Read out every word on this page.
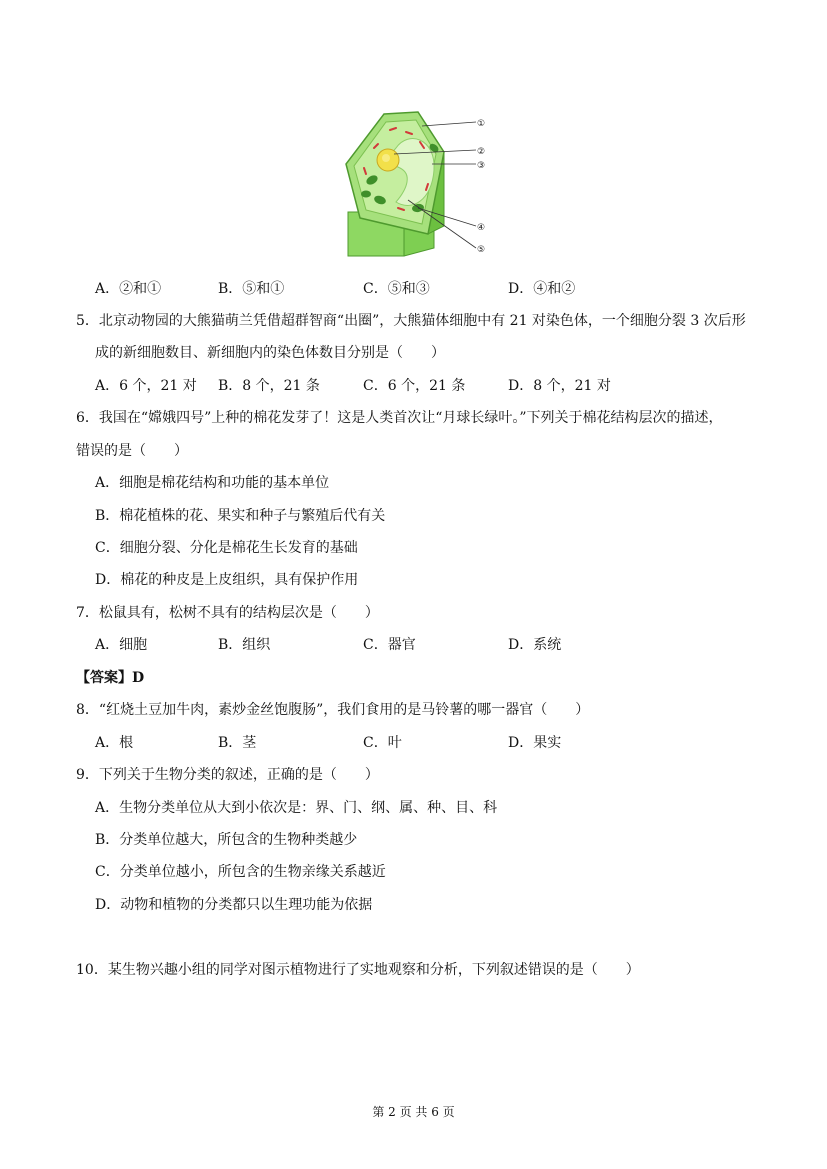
①
②
③
④
⑤
A．②和①	B．⑤和①	C．⑤和③	D．④和②
5．北京动物园的大熊猫萌兰凭借超群智商“出圈”，大熊猫体细胞中有 21 对染色体，一个细胞分裂 3 次后形
成的新细胞数目、新细胞内的染色体数目分别是（　　）
A．6 个，21 对 B．8 个，21 条	C．6 个，21 条	D．8 个，21 对
6．我国在“嫦娥四号”上种的棉花发芽了！这是人类首次让“月球长绿叶。”下列关于棉花结构层次的描述，
错误的是（　　）
A．细胞是棉花结构和功能的基本单位
B．棉花植株的花、果实和种子与繁殖后代有关
C．细胞分裂、分化是棉花生长发育的基础
D．棉花的种皮是上皮组织，具有保护作用
7．松鼠具有，松树不具有的结构层次是（　　）
A．细胞	B．组织	C．器官	D．系统
【答案】D
8．“红烧土豆加牛肉，素炒金丝饱腹肠”，我们食用的是马铃薯的哪一器官（　　）
A．根	B．茎	C．叶	D．果实
9．下列关于生物分类的叙述，正确的是（　　）
A．生物分类单位从大到小依次是：界、门、纲、属、种、目、科
B．分类单位越大，所包含的生物种类越少
C．分类单位越小，所包含的生物亲缘关系越近
D．动物和植物的分类都只以生理功能为依据
10．某生物兴趣小组的同学对图示植物进行了实地观察和分析，下列叙述错误的是（　　）
第 2 页 共 6 页
